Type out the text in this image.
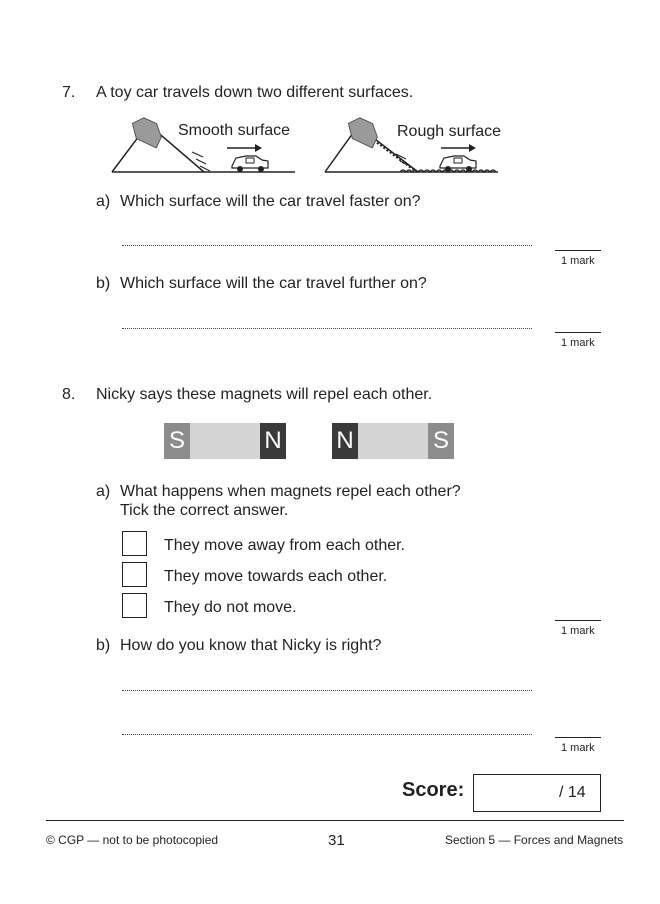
7. A toy car travels down two different surfaces.
Smooth surface	Rough surface
a) Which surface will the car travel faster on?
1 mark
b) Which surface will the car travel further on?
1 mark
8. Nicky says these magnets will repel each other.
S	N N	S
a) What happens when magnets repel each other?
Tick the correct answer.
They move away from each other.
They move towards each other.
They do not move.
1 mark
b) How do you know that Nicky is right?
1 mark
Score:	/ 14
© CGP — not to be photocopied	31	Section 5 — Forces and Magnets
